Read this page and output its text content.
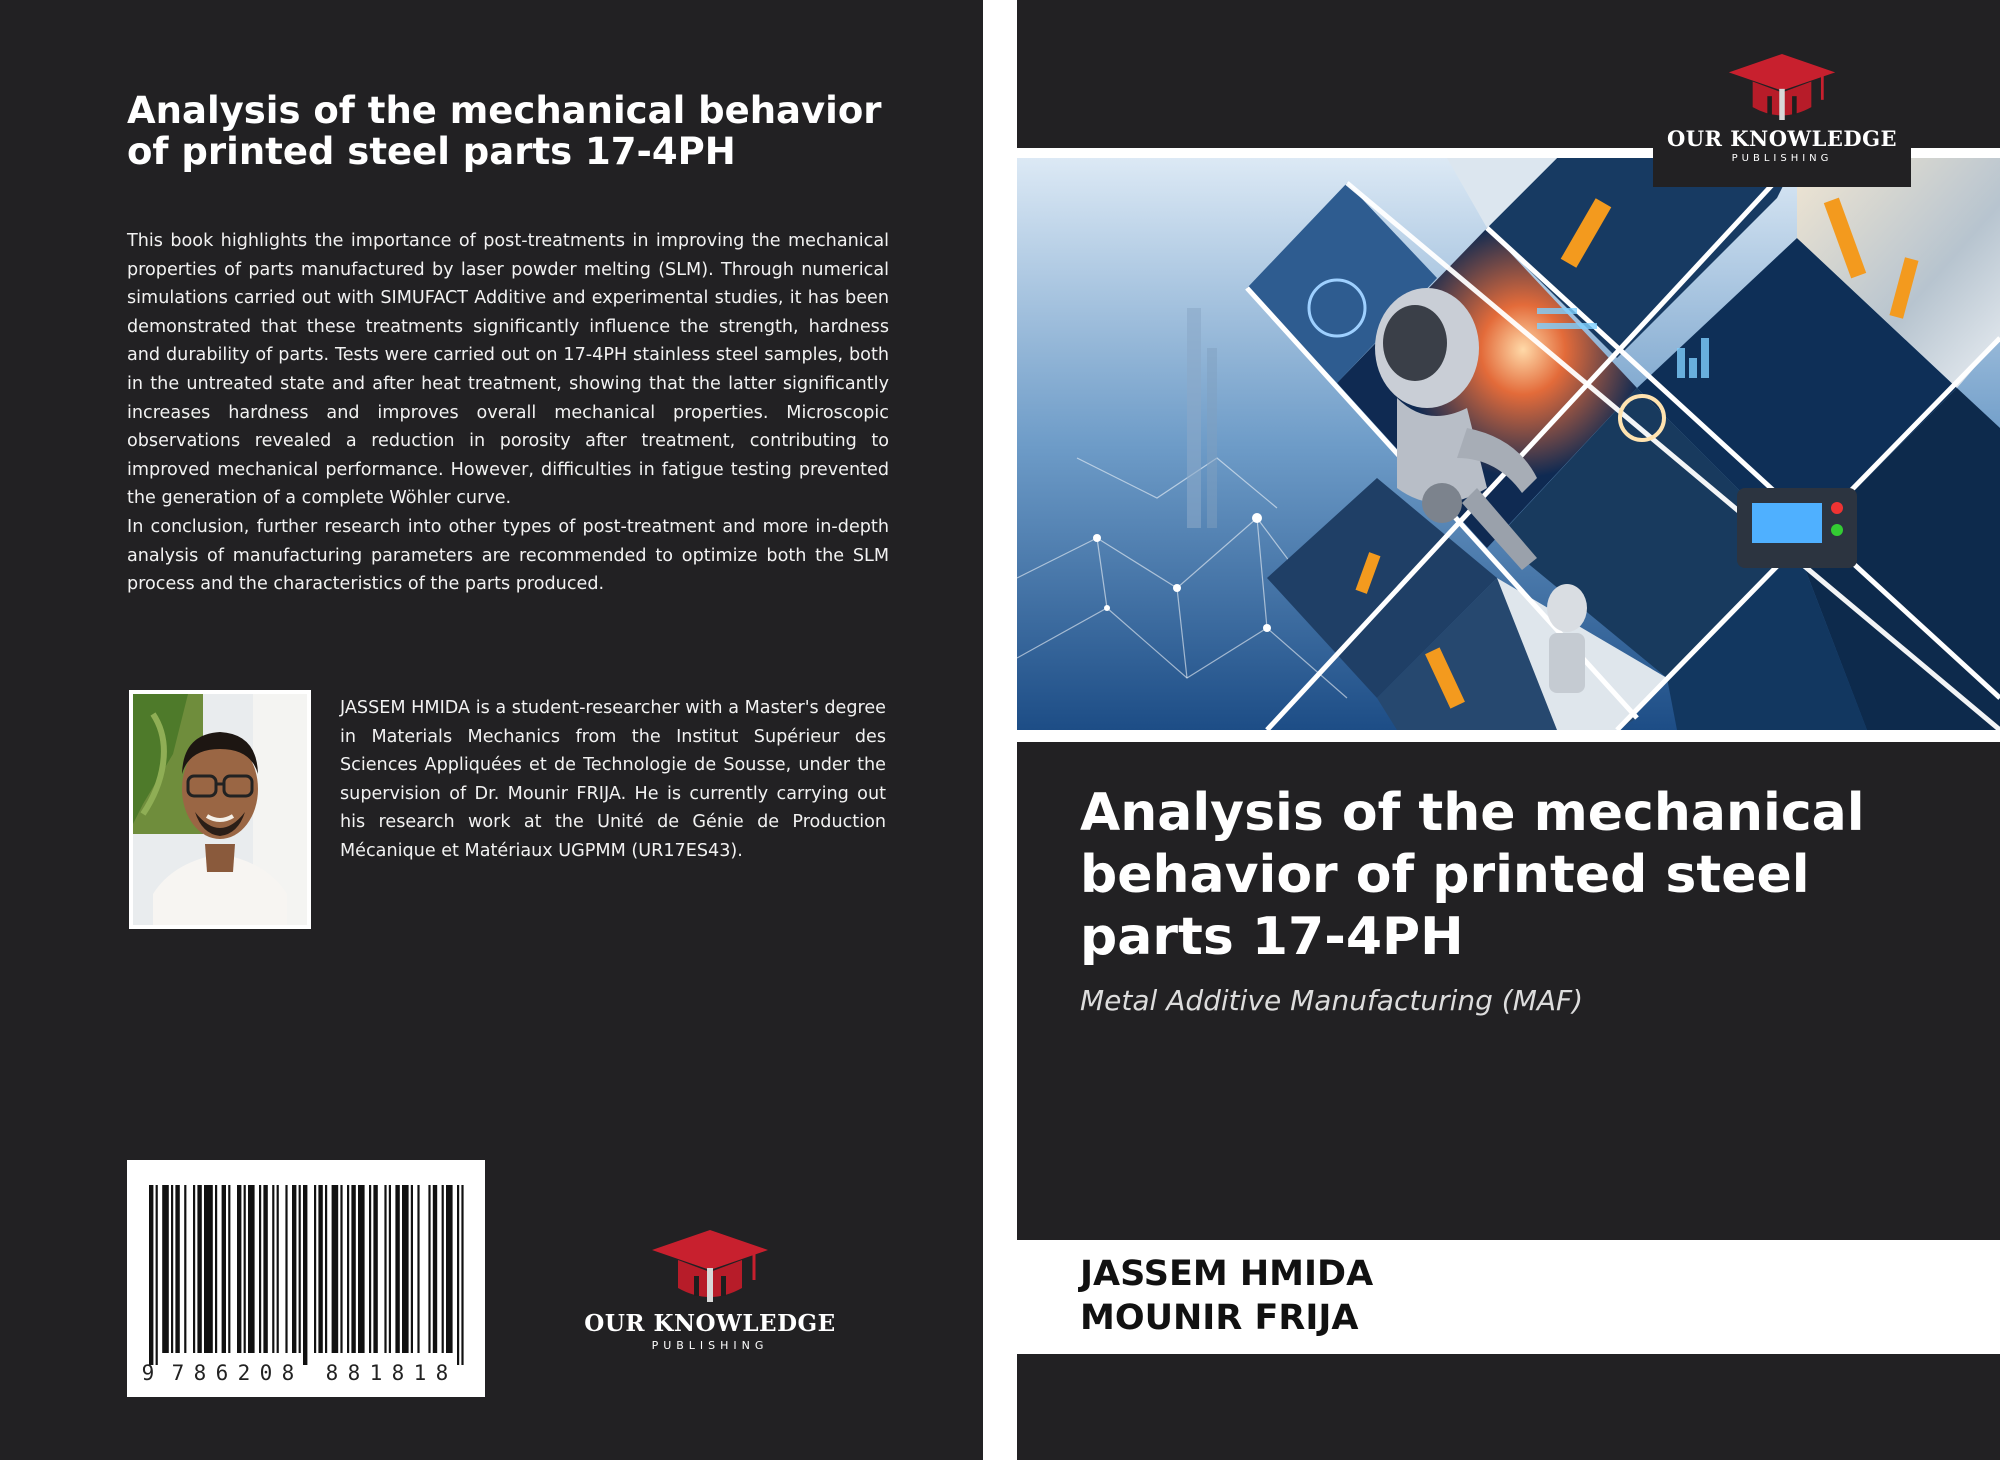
Analysis of the mechanical behavior of printed steel parts 17-4PH

This book highlights the importance of post-treatments in improving the mechanical properties of parts manufactured by laser powder melting (SLM). Through numerical simulations carried out with SIMUFACT Additive and experimental studies, it has been demonstrated that these treatments significantly influence the strength, hardness and durability of parts. Tests were carried out on 17-4PH stainless steel samples, both in the untreated state and after heat treatment, showing that the latter significantly increases hardness and improves overall mechanical properties. Microscopic observations revealed a reduction in porosity after treatment, contributing to improved mechanical performance. However, difficulties in fatigue testing prevented the generation of a complete Wöhler curve.

In conclusion, further research into other types of post-treatment and more in-depth analysis of manufacturing parameters are recommended to optimize both the SLM process and the characteristics of the parts produced.

JASSEM HMIDA is a student-researcher with a Master's degree in Materials Mechanics from the Institut Supérieur des Sciences Appliquées et de Technologie de Sousse, under the supervision of Dr. Mounir FRIJA. He is currently carrying out his research work at the Unité de Génie de Production Mécanique et Matériaux UGPMM (UR17ES43).

9 7 8 6 2 0 8 8 8 1 8 1 8
OUR KNOWLEDGE
PUBLISHING
OUR KNOWLEDGE
PUBLISHING
Analysis of the mechanical behavior of printed steel parts 17-4PH
Metal Additive Manufacturing (MAF)
JASSEM HMIDA
MOUNIR FRIJA
